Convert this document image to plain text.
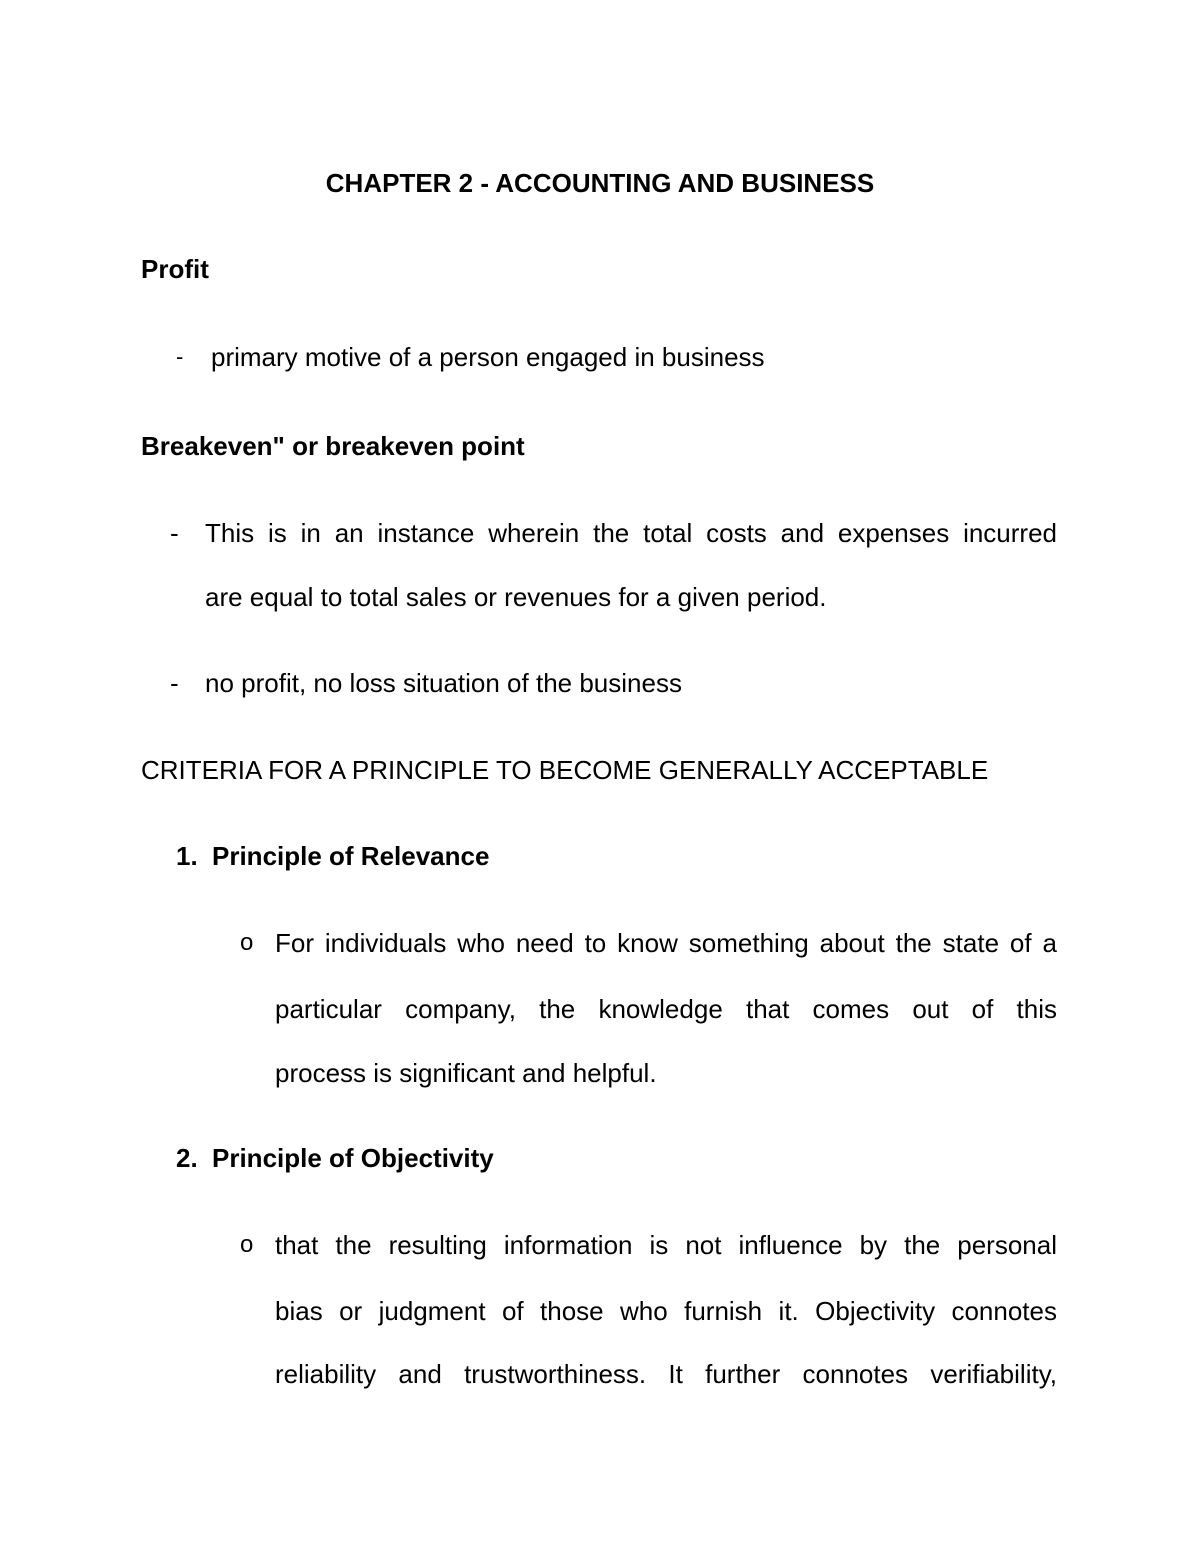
CHAPTER 2 - ACCOUNTING AND BUSINESS
Profit
- primary motive of a person engaged in business
Breakeven" or breakeven point
- This is in an instance wherein the total costs and expenses incurred
are equal to total sales or revenues for a given period.
- no profit, no loss situation of the business
CRITERIA FOR A PRINCIPLE TO BECOME GENERALLY ACCEPTABLE
1. Principle of Relevance
o For individuals who need to know something about the state of a
particular company, the knowledge that comes out of this
process is significant and helpful.
2. Principle of Objectivity
o that the resulting information is not influence by the personal
bias or judgment of those who furnish it. Objectivity connotes
reliability and trustworthiness. It further connotes verifiability,
